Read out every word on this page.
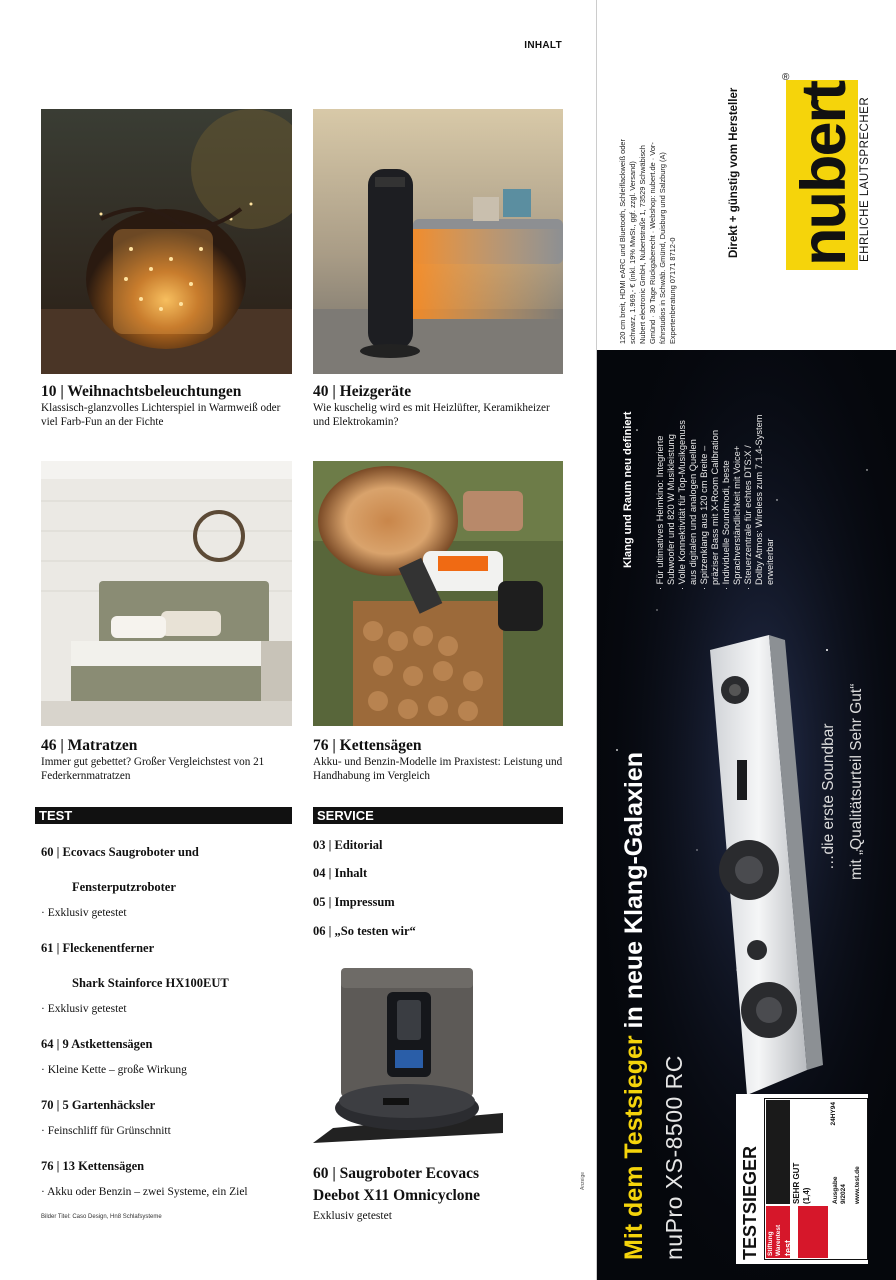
INHALT
10 | Weihnachtsbeleuchtungen
Klassisch-glanzvolles Lichterspiel in Warmweiß oder viel Farb-Fun an der Fichte
40 | Heizgeräte
Wie kuschelig wird es mit Heizlüfter, Keramikheizer und Elektrokamin?
46 | Matratzen
Immer gut gebettet? Großer Vergleichstest von 21 Federkernmatratzen
76 | Kettensägen
Akku- und Benzin-Modelle im Praxistest: Leistung und Handhabung im Vergleich
TEST
60 | Ecovacs Saugroboter und
Fensterputzroboter
· Exklusiv getestet
61 | Fleckenentferner
Shark Stainforce HX100EUT
· Exklusiv getestet
64 | 9 Astkettensägen
· Kleine Kette – große Wirkung
70 | 5 Gartenhäcksler
· Feinschliff für Grünschnitt
76 | 13 Kettensägen
· Akku oder Benzin – zwei Systeme, ein Ziel
SERVICE
03 | Editorial
04 | Inhalt
05 | Impressum
06 | „So testen wir“
60 | Saugroboter Ecovacs
Deebot X11 Omnicyclone
Exklusiv getestet
Bilder Titel: Caso Design, Hn8 Schlafsysteme
Anzeige
120 cm breit, HDMI eARC und Bluetooth, Schleiflackweiß oder schwarz, 1.969,- € (inkl. 19% MwSt., ggf. zzgl. Versand) Nubert electronic GmbH, Nubertstraße 1, 73529 Schwäbisch Gmünd · 30 Tage Rückgaberecht · Webshop: nubert.de · Vor- führstudios in Schwäb. Gmünd, Duisburg und Salzburg (A) Expertenberatung 07171 8712-0
Direkt + günstig vom Hersteller nubert
®
EHRLICHE LAUTSPRECHER
Mit dem Testsieger in neue Klang-Galaxien
nuPro XS-8500 RC
Klang und Raum neu definiert · Für ultimatives Heimkino: Integrierte Subwoofer und 820 W Musikleistung · Volle Konnektivität für Top-Musikgenuss aus digitalen und analogen Quellen · Spitzenklang aus 120 cm Breite – präziser Bass mit X-Room Calibration · Individuelle Soundmodi, beste Sprachverständlichkeit mit Voice+ · Steuerzentrale für echtes DTS:X / Dolby Atmos: Wireless zum 7.1.4-System erweiterbar
…die erste Soundbar mit „Qualitätsurteil Sehr Gut“
TESTSIEGER Stiftung Warentest test
SEHR GUT (1,4)	Ausgabe 9/2024 www.test.de
24HY94
